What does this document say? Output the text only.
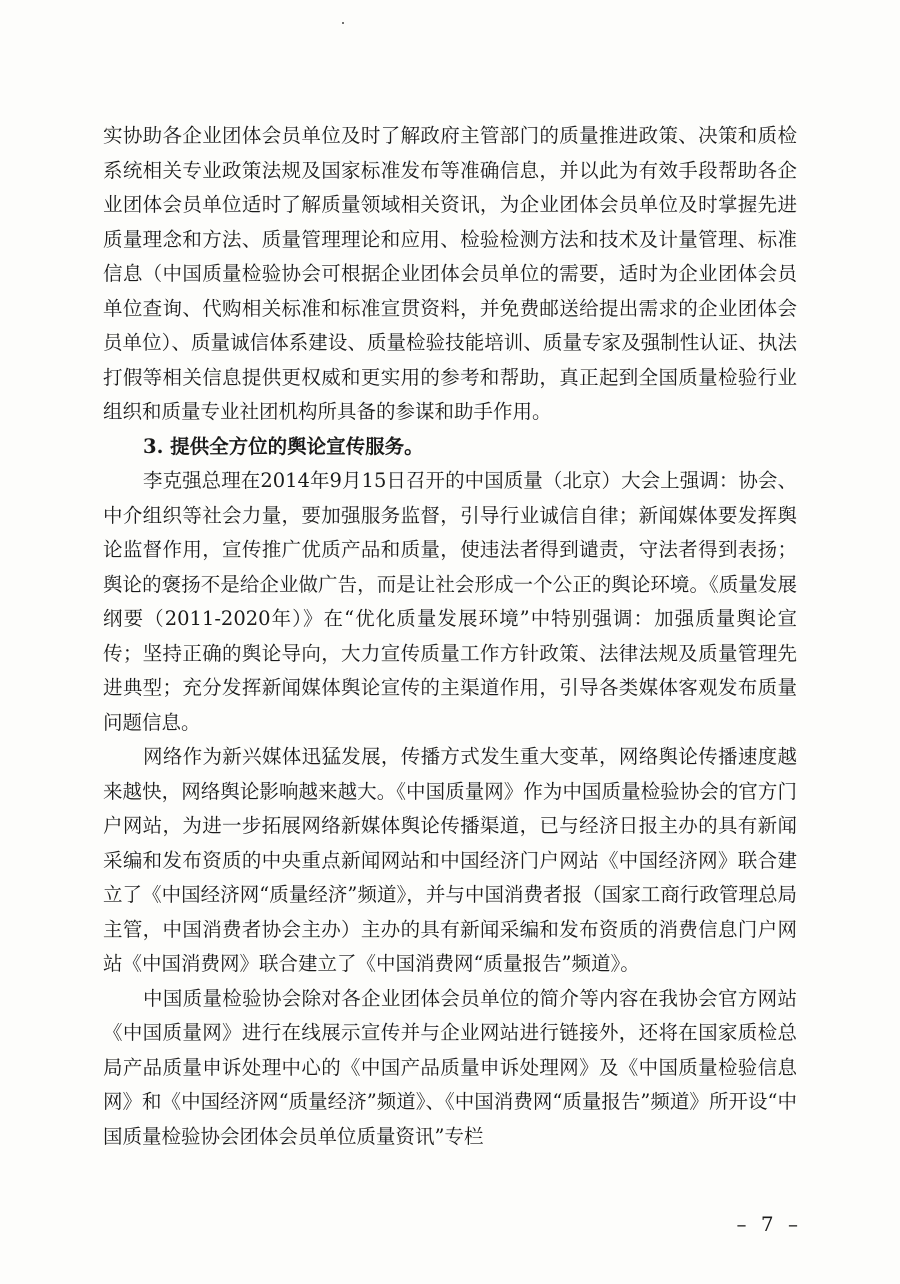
实协助各企业团体会员单位及时了解政府主管部门的质量推进政策、决策和质检系统相关专业政策法规及国家标准发布等准确信息，并以此为有效手段帮助各企业团体会员单位适时了解质量领域相关资讯，为企业团体会员单位及时掌握先进质量理念和方法、质量管理理论和应用、检验检测方法和技术及计量管理、标准信息（中国质量检验协会可根据企业团体会员单位的需要，适时为企业团体会员单位查询、代购相关标准和标准宣贯资料，并免费邮送给提出需求的企业团体会员单位）、质量诚信体系建设、质量检验技能培训、质量专家及强制性认证、执法打假等相关信息提供更权威和更实用的参考和帮助，真正起到全国质量检验行业组织和质量专业社团机构所具备的参谋和助手作用。

3. 提供全方位的舆论宣传服务。

李克强总理在2014年9月15日召开的中国质量（北京）大会上强调：协会、中介组织等社会力量，要加强服务监督，引导行业诚信自律；新闻媒体要发挥舆论监督作用，宣传推广优质产品和质量，使违法者得到谴责，守法者得到表扬；舆论的褒扬不是给企业做广告，而是让社会形成一个公正的舆论环境。《质量发展纲要（2011-2020年）》在“优化质量发展环境”中特别强调：加强质量舆论宣传；坚持正确的舆论导向，大力宣传质量工作方针政策、法律法规及质量管理先进典型；充分发挥新闻媒体舆论宣传的主渠道作用，引导各类媒体客观发布质量问题信息。

网络作为新兴媒体迅猛发展，传播方式发生重大变革，网络舆论传播速度越来越快，网络舆论影响越来越大。《中国质量网》作为中国质量检验协会的官方门户网站，为进一步拓展网络新媒体舆论传播渠道，已与经济日报主办的具有新闻采编和发布资质的中央重点新闻网站和中国经济门户网站《中国经济网》联合建立了《中国经济网“质量经济”频道》，并与中国消费者报（国家工商行政管理总局主管，中国消费者协会主办）主办的具有新闻采编和发布资质的消费信息门户网站《中国消费网》联合建立了《中国消费网“质量报告”频道》。

中国质量检验协会除对各企业团体会员单位的简介等内容在我协会官方网站《中国质量网》进行在线展示宣传并与企业网站进行链接外，还将在国家质检总局产品质量申诉处理中心的《中国产品质量申诉处理网》及《中国质量检验信息网》和《中国经济网“质量经济”频道》、《中国消费网“质量报告”频道》所开设“中国质量检验协会团体会员单位质量资讯”专栏

– 7 –
